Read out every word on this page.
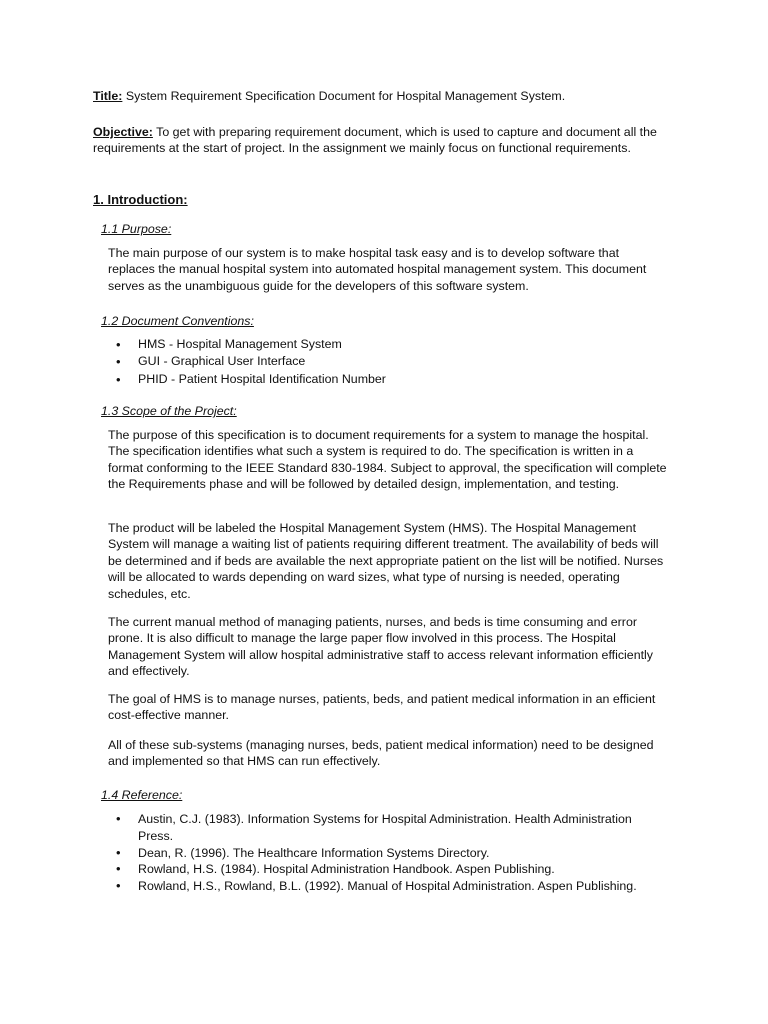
Title: System Requirement Specification Document for Hospital Management System.
Objective: To get with preparing requirement document, which is used to capture and document all the requirements at the start of project. In the assignment we mainly focus on functional requirements.
1. Introduction:
1.1 Purpose:

The main purpose of our system is to make hospital task easy and is to develop software that replaces the manual hospital system into automated hospital management system. This document serves as the unambiguous guide for the developers of this software system.

1.2 Document Conventions:
• HMS - Hospital Management System
• GUI - Graphical User Interface
• PHID - Patient Hospital Identification Number
1.3 Scope of the Project:

The purpose of this specification is to document requirements for a system to manage the hospital. The specification identifies what such a system is required to do. The specification is written in a format conforming to the IEEE Standard 830-1984. Subject to approval, the specification will complete the Requirements phase and will be followed by detailed design, implementation, and testing.

The product will be labeled the Hospital Management System (HMS). The Hospital Management System will manage a waiting list of patients requiring different treatment. The availability of beds will be determined and if beds are available the next appropriate patient on the list will be notified. Nurses will be allocated to wards depending on ward sizes, what type of nursing is needed, operating schedules, etc.

The current manual method of managing patients, nurses, and beds is time consuming and error prone. It is also difficult to manage the large paper flow involved in this process. The Hospital Management System will allow hospital administrative staff to access relevant information efficiently and effectively.

The goal of HMS is to manage nurses, patients, beds, and patient medical information in an efficient cost-effective manner.

All of these sub-systems (managing nurses, beds, patient medical information) need to be designed and implemented so that HMS can run effectively.

1.4 Reference:
• Austin, C.J. (1983). Information Systems for Hospital Administration. Health Administration Press.
• Dean, R. (1996). The Healthcare Information Systems Directory.
• Rowland, H.S. (1984). Hospital Administration Handbook. Aspen Publishing.
• Rowland, H.S., Rowland, B.L. (1992). Manual of Hospital Administration. Aspen Publishing.
